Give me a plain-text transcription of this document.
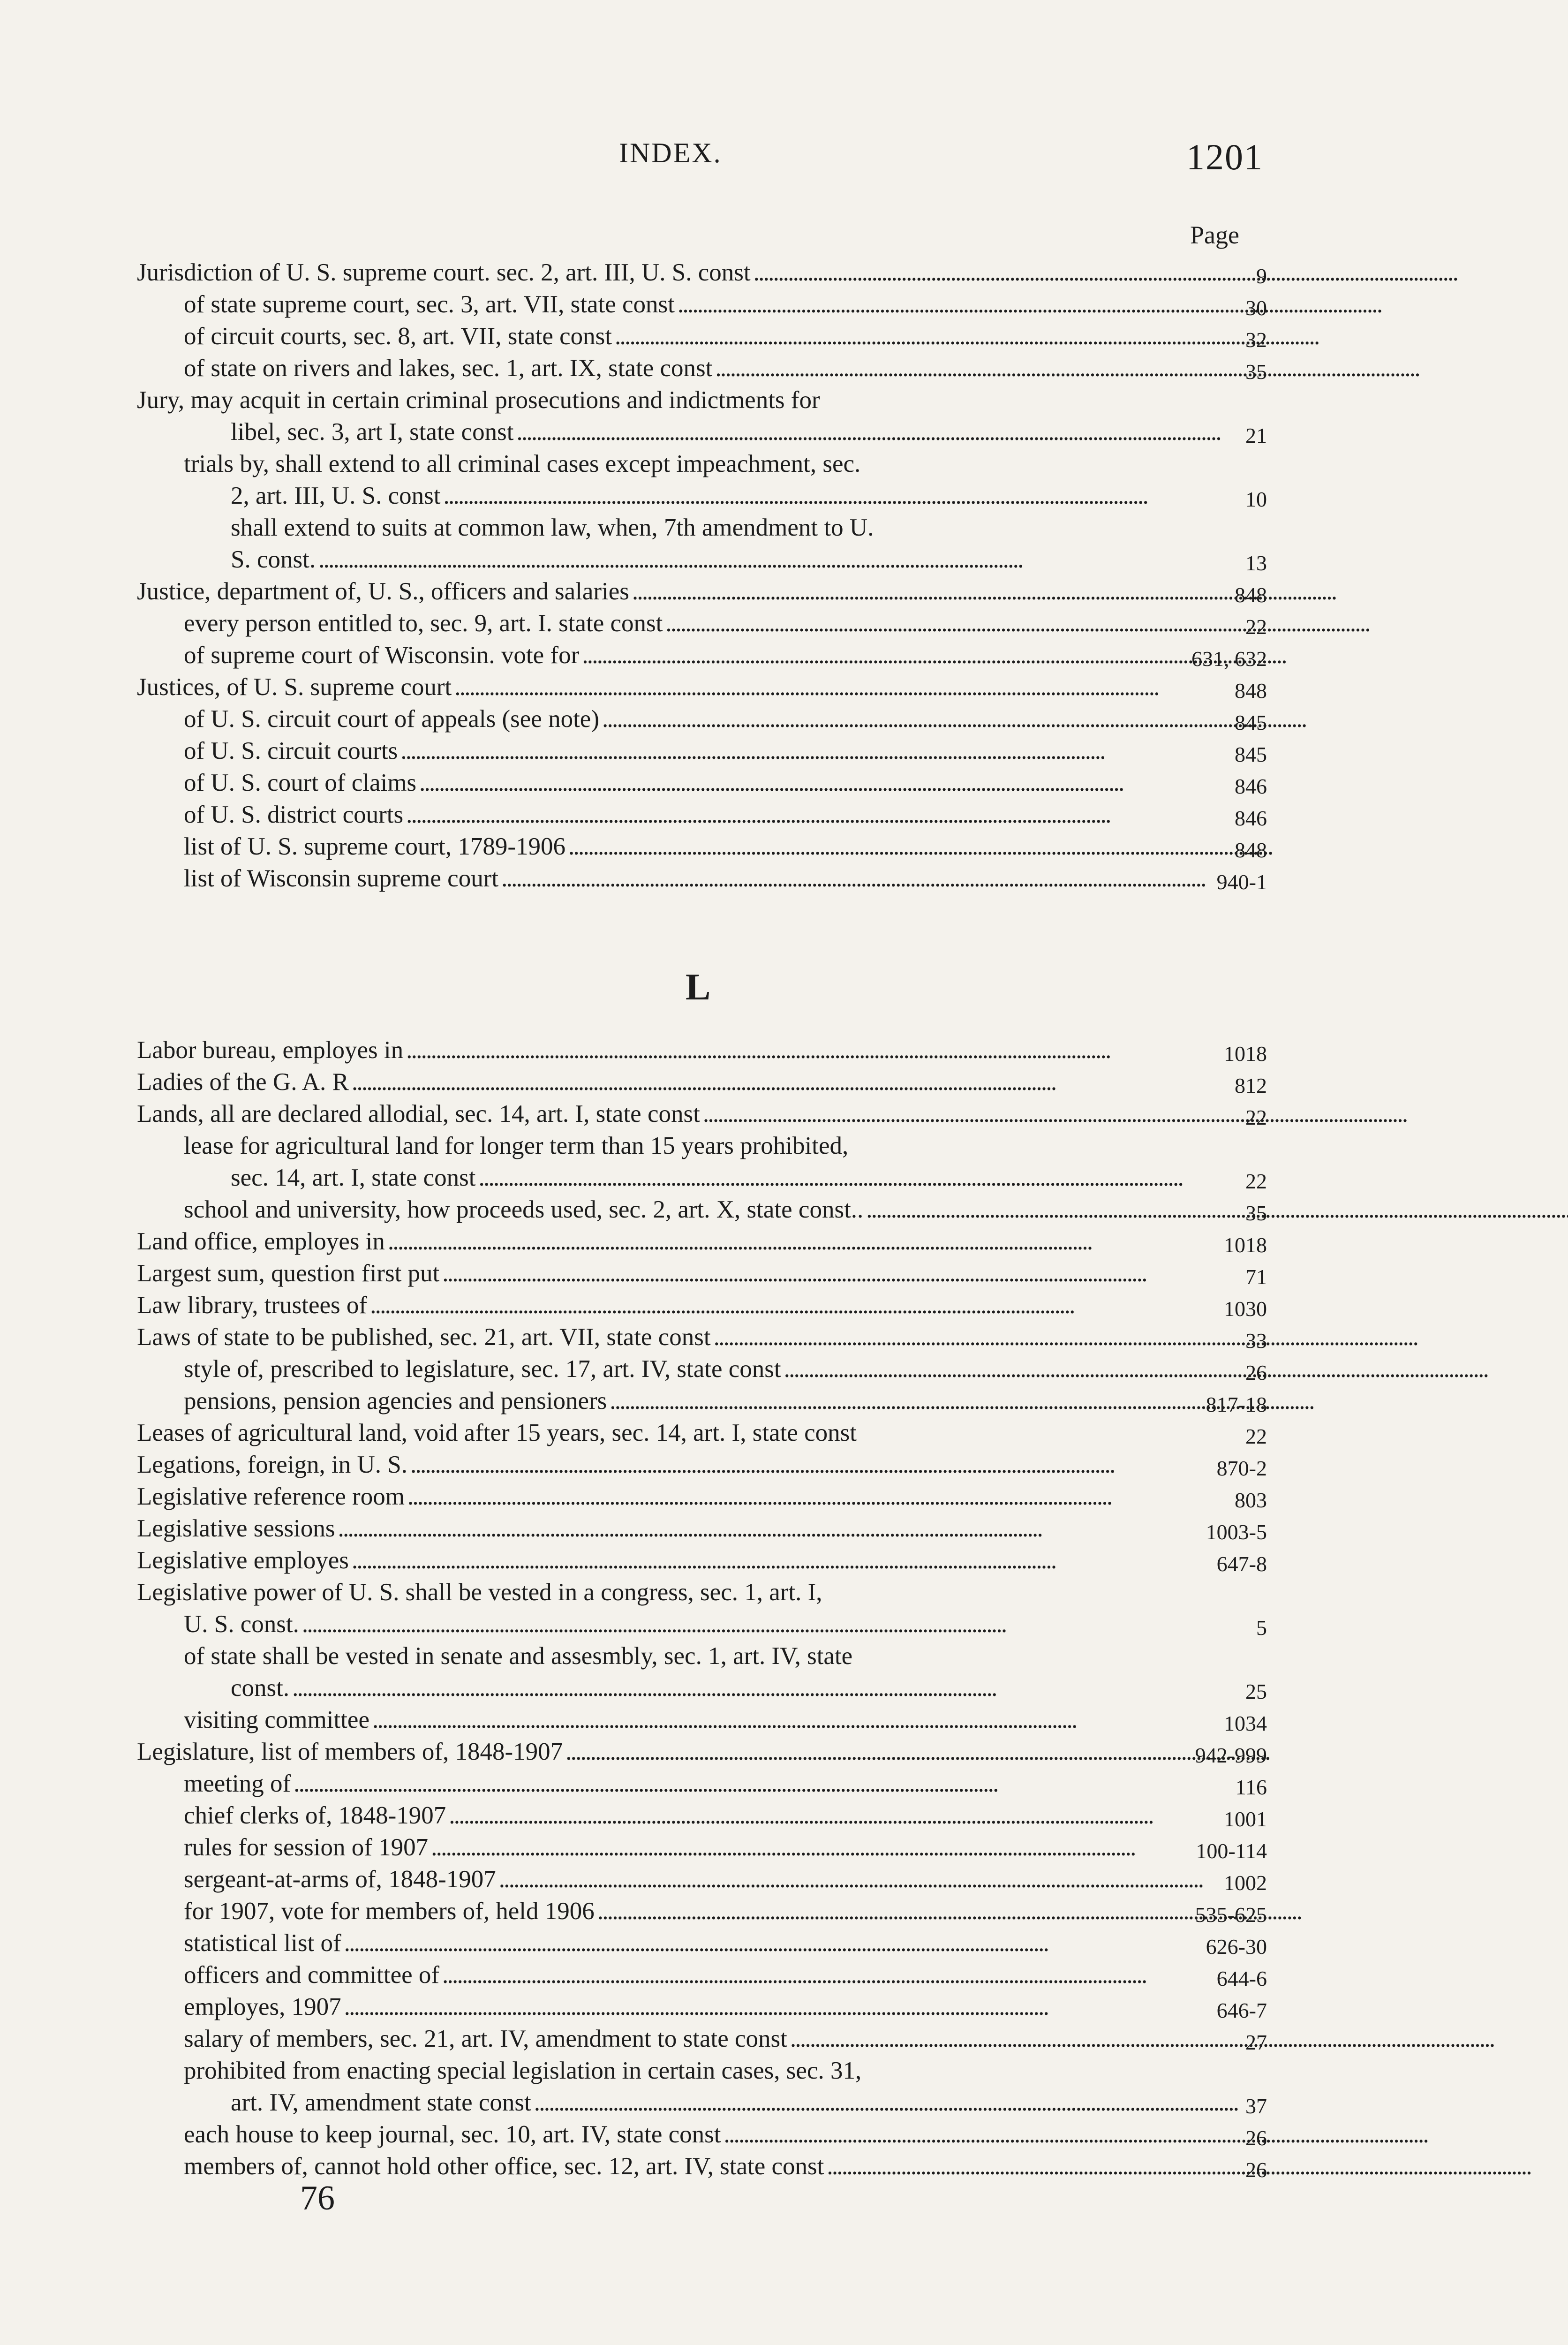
INDEX.	1201
Page
Jurisdiction of U. S. supreme court. sec. 2, art. III, U. S. const . . .	9
of state supreme court, sec. 3, art. VII, state const . . .	30
of circuit courts, sec. 8, art. VII, state const . . .	32
of state on rivers and lakes, sec. 1, art. IX, state const . . .	35
Jury, may acquit in certain criminal prosecutions and indictments for
libel, sec. 3, art I, state const . . .	21
trials by, shall extend to all criminal cases except impeachment, sec.
2, art. III, U. S. const . . .	10
shall extend to suits at common law, when, 7th amendment to U.
S. const. . . .	13
Justice, department of, U. S., officers and salaries . . .	848
every person entitled to, sec. 9, art. I. state const . . .	22
of supreme court of Wisconsin. vote for . . .	631, 632
Justices, of U. S. supreme court . . .	848
of U. S. circuit court of appeals (see note) . . .	845
of U. S. circuit courts . . .	845
of U. S. court of claims . . .	846
of U. S. district courts . . .	846
list of U. S. supreme court, 1789-1906 . . .	848
list of Wisconsin supreme court . . .	940-1
L
Labor bureau, employes in . . .	1018
Ladies of the G. A. R . . .	812
Lands, all are declared allodial, sec. 14, art. I, state const . . .	22
lease for agricultural land for longer term than 15 years prohibited,
sec. 14, art. I, state const . . .	22
school and university, how proceeds used, sec. 2, art. X, state const.. . . .	35
Land office, employes in . . .	1018
Largest sum, question first put . . .	71
Law library, trustees of . . .	1030
Laws of state to be published, sec. 21, art. VII, state const . . .	33
style of, prescribed to legislature, sec. 17, art. IV, state const . . .	26
pensions, pension agencies and pensioners . . .	817-18
Leases of agricultural land, void after 15 years, sec. 14, art. I, state const	22
Legations, foreign, in U. S. . . .	870-2
Legislative reference room . . .	803
Legislative sessions . . .	1003-5
Legislative employes . . .	647-8
Legislative power of U. S. shall be vested in a congress, sec. 1, art. I,
U. S. const. . . .	5
of state shall be vested in senate and assesmbly, sec. 1, art. IV, state
const. . . .	25
visiting committee . . .	1034
Legislature, list of members of, 1848-1907 . . .	942-999
meeting of . . .	116
chief clerks of, 1848-1907 . . .	1001
rules for session of 1907 . . .	100-114
sergeant-at-arms of, 1848-1907 . . .	1002
for 1907, vote for members of, held 1906 . . .	535-625
statistical list of . . .	626-30
officers and committee of . . .	644-6
employes, 1907 . . .	646-7
salary of members, sec. 21, art. IV, amendment to state const . . .	27
prohibited from enacting special legislation in certain cases, sec. 31,
art. IV, amendment state const . . .	37
each house to keep journal, sec. 10, art. IV, state const . . .	26
members of, cannot hold other office, sec. 12, art. IV, state const . . .	26
76
